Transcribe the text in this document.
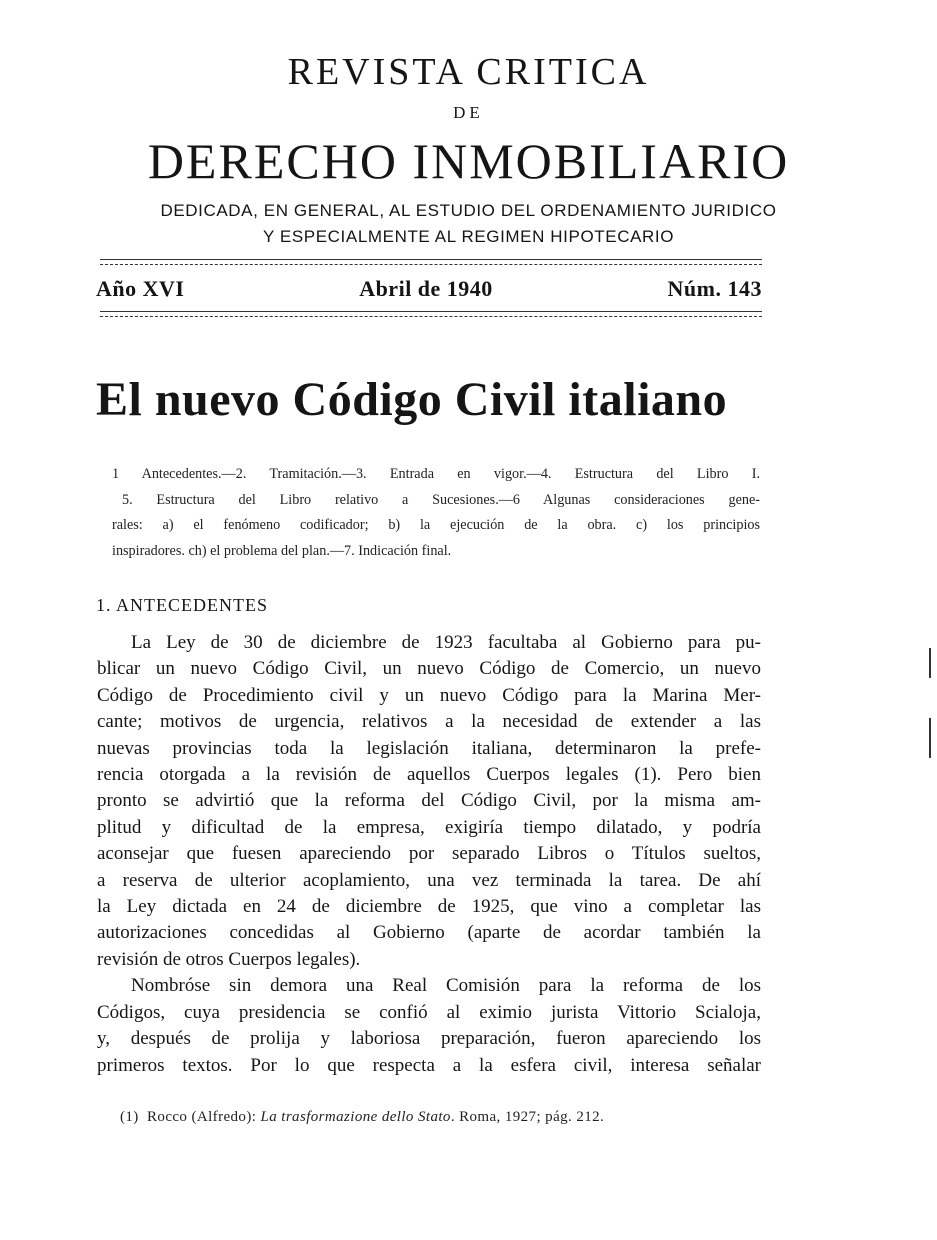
REVISTA CRITICA
DE
DERECHO INMOBILIARIO
DEDICADA, EN GENERAL, AL ESTUDIO DEL ORDENAMIENTO JURIDICO
Y ESPECIALMENTE AL REGIMEN HIPOTECARIO
Año XVI	Abril de 1940	Núm. 143
El nuevo Código Civil italiano
1 Antecedentes.—2. Tramitación.—3. Entrada en vigor.—4. Estructura del Libro I.
5. Estructura del Libro relativo a Sucesiones.—6 Algunas consideraciones gene-
rales: a) el fenómeno codificador; b) la ejecución de la obra. c) los principios
inspiradores. ch) el problema del plan.—7. Indicación final.
1. ANTECEDENTES
La Ley de 30 de diciembre de 1923 facultaba al Gobierno para pu-
blicar un nuevo Código Civil, un nuevo Código de Comercio, un nuevo
Código de Procedimiento civil y un nuevo Código para la Marina Mer-
cante; motivos de urgencia, relativos a la necesidad de extender a las
nuevas provincias toda la legislación italiana, determinaron la prefe-
rencia otorgada a la revisión de aquellos Cuerpos legales (1). Pero bien
pronto se advirtió que la reforma del Código Civil, por la misma am-
plitud y dificultad de la empresa, exigiría tiempo dilatado, y podría
aconsejar que fuesen apareciendo por separado Libros o Títulos sueltos,
a reserva de ulterior acoplamiento, una vez terminada la tarea. De ahí
la Ley dictada en 24 de diciembre de 1925, que vino a completar las
autorizaciones concedidas al Gobierno (aparte de acordar también la
revisión de otros Cuerpos legales).
Nombróse sin demora una Real Comisión para la reforma de los
Códigos, cuya presidencia se confió al eximio jurista Vittorio Scialoja,
y, después de prolija y laboriosa preparación, fueron apareciendo los
primeros textos. Por lo que respecta a la esfera civil, interesa señalar
(1) Rocco (Alfredo): La trasformazione dello Stato. Roma, 1927; pág. 212.
